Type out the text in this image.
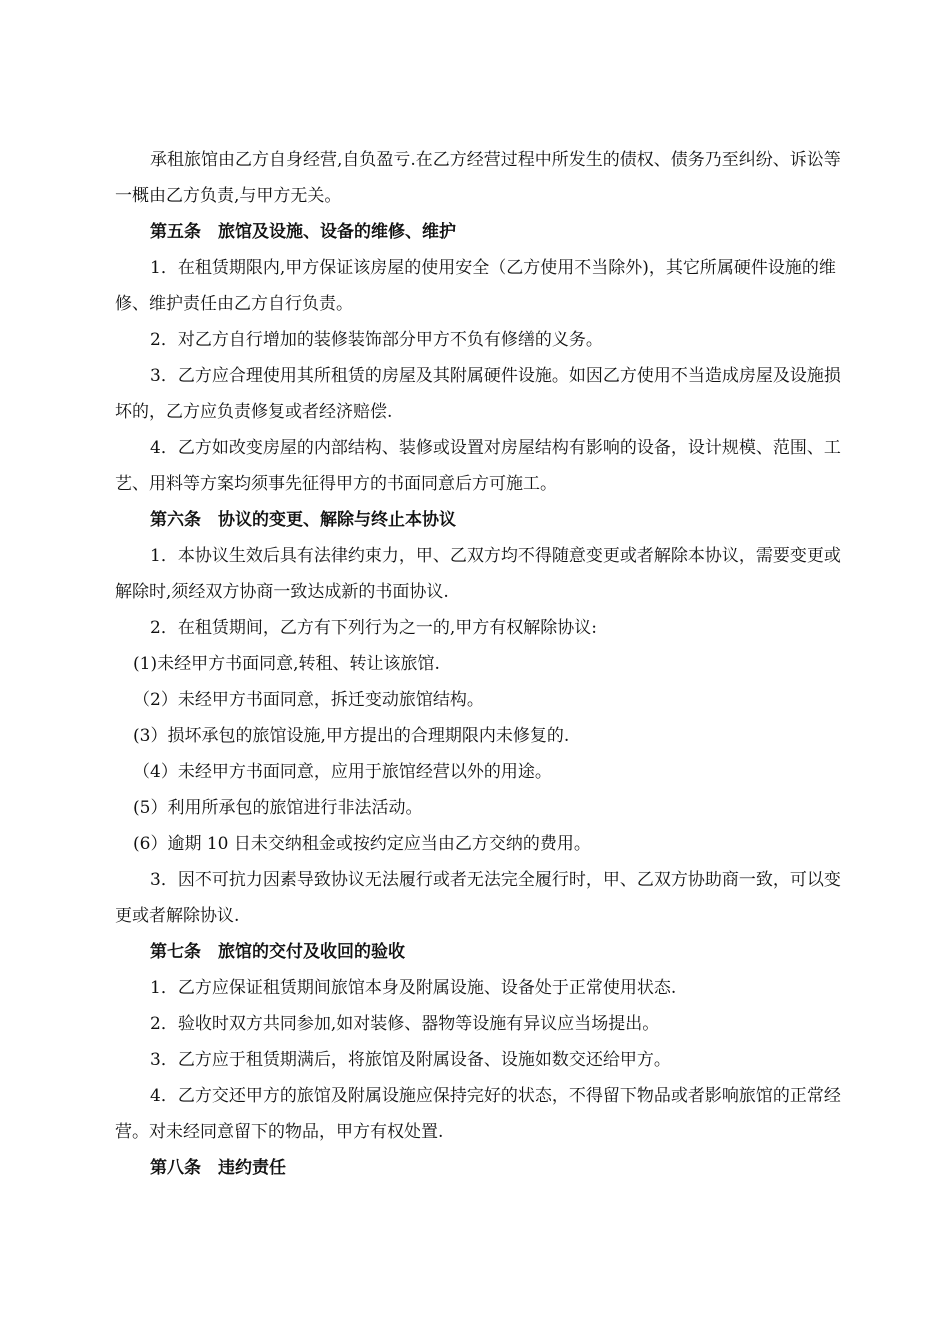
承租旅馆由乙方自身经营,自负盈亏.在乙方经营过程中所发生的债权、债务乃至纠纷、诉讼等一概由乙方负责,与甲方无关。

第五条　旅馆及设施、设备的维修、维护

1．在租赁期限内,甲方保证该房屋的使用安全（乙方使用不当除外)，其它所属硬件设施的维修、维护责任由乙方自行负责。

2．对乙方自行增加的装修装饰部分甲方不负有修缮的义务。

3．乙方应合理使用其所租赁的房屋及其附属硬件设施。如因乙方使用不当造成房屋及设施损坏的，乙方应负责修复或者经济赔偿.

4．乙方如改变房屋的内部结构、装修或设置对房屋结构有影响的设备，设计规模、范围、工艺、用料等方案均须事先征得甲方的书面同意后方可施工。

第六条　协议的变更、解除与终止本协议

1．本协议生效后具有法律约束力，甲、乙双方均不得随意变更或者解除本协议，需要变更或解除时,须经双方协商一致达成新的书面协议.

2．在租赁期间，乙方有下列行为之一的,甲方有权解除协议:

(1)未经甲方书面同意,转租、转让该旅馆.

（2）未经甲方书面同意，拆迁变动旅馆结构。

(3）损坏承包的旅馆设施,甲方提出的合理期限内未修复的.

（4）未经甲方书面同意，应用于旅馆经营以外的用途。

(5）利用所承包的旅馆进行非法活动。

(6）逾期 10 日未交纳租金或按约定应当由乙方交纳的费用。

3．因不可抗力因素导致协议无法履行或者无法完全履行时，甲、乙双方协助商一致，可以变更或者解除协议.

第七条　旅馆的交付及收回的验收

1．乙方应保证租赁期间旅馆本身及附属设施、设备处于正常使用状态.

2．验收时双方共同参加,如对装修、器物等设施有异议应当场提出。

3．乙方应于租赁期满后，将旅馆及附属设备、设施如数交还给甲方。

4．乙方交还甲方的旅馆及附属设施应保持完好的状态，不得留下物品或者影响旅馆的正常经营。对未经同意留下的物品，甲方有权处置.

第八条　违约责任
